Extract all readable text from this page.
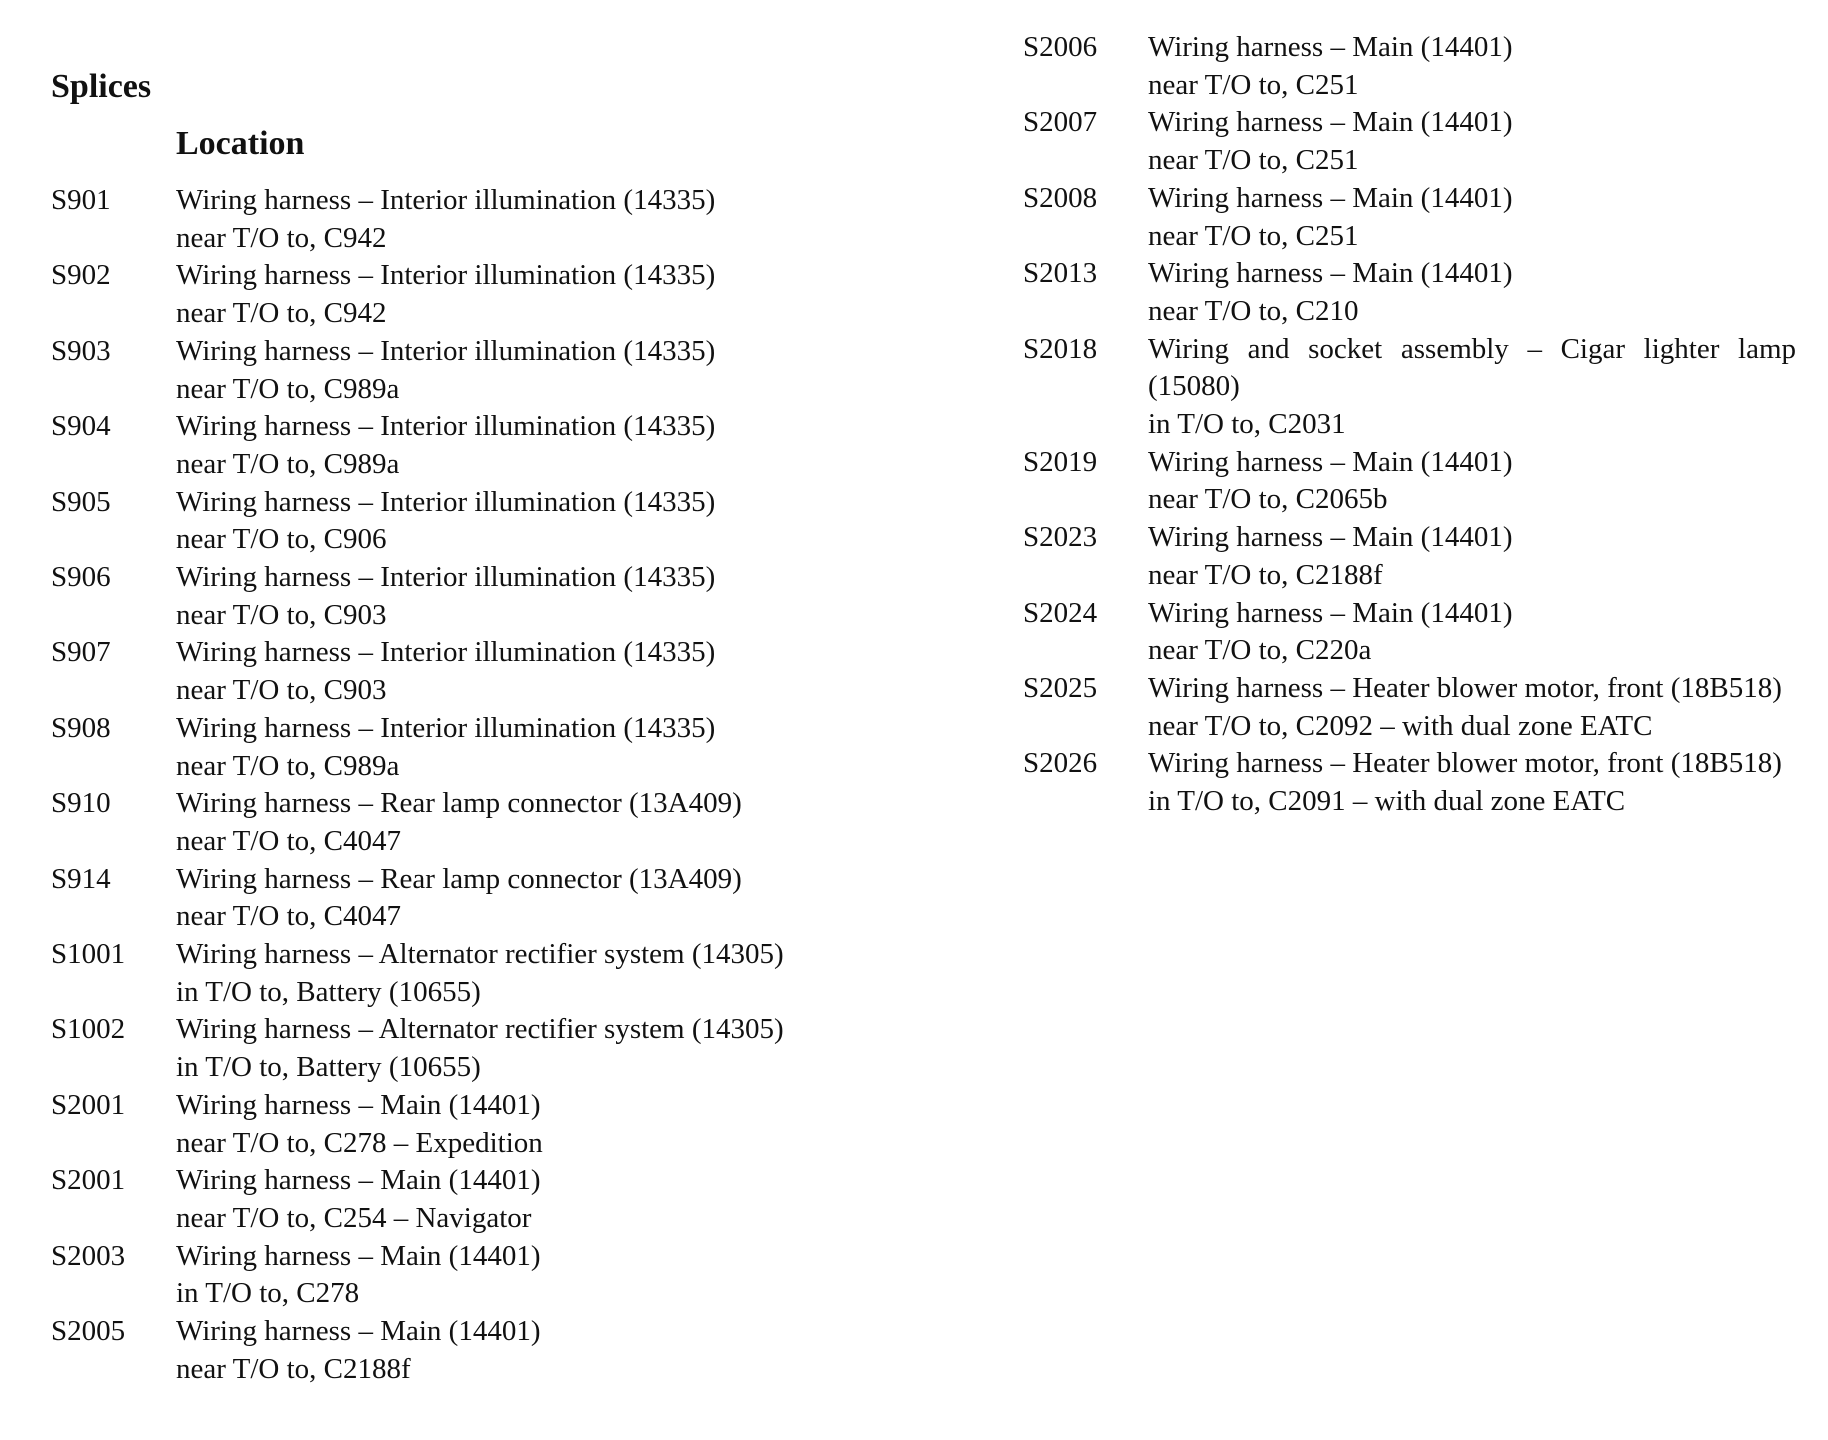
Splices
Location
S901	Wiring harness – Interior illumination (14335)
near T/O to, C942
S902	Wiring harness – Interior illumination (14335)
near T/O to, C942
S903	Wiring harness – Interior illumination (14335)
near T/O to, C989a
S904	Wiring harness – Interior illumination (14335)
near T/O to, C989a
S905	Wiring harness – Interior illumination (14335)
near T/O to, C906
S906	Wiring harness – Interior illumination (14335)
near T/O to, C903
S907	Wiring harness – Interior illumination (14335)
near T/O to, C903
S908	Wiring harness – Interior illumination (14335)
near T/O to, C989a
S910	Wiring harness – Rear lamp connector (13A409)
near T/O to, C4047
S914	Wiring harness – Rear lamp connector (13A409)
near T/O to, C4047
S1001	Wiring harness – Alternator rectifier system (14305)
in T/O to, Battery (10655)
S1002	Wiring harness – Alternator rectifier system (14305)
in T/O to, Battery (10655)
S2001	Wiring harness – Main (14401)
near T/O to, C278 – Expedition
S2001	Wiring harness – Main (14401)
near T/O to, C254 – Navigator
S2003	Wiring harness – Main (14401)
in T/O to, C278
S2005	Wiring harness – Main (14401)
near T/O to, C2188f
S2006	Wiring harness – Main (14401)
near T/O to, C251
S2007	Wiring harness – Main (14401)
near T/O to, C251
S2008	Wiring harness – Main (14401)
near T/O to, C251
S2013	Wiring harness – Main (14401)
near T/O to, C210
S2018	Wiring and socket assembly – Cigar lighter lamp (15080)
in T/O to, C2031
S2019	Wiring harness – Main (14401)
near T/O to, C2065b
S2023	Wiring harness – Main (14401)
near T/O to, C2188f
S2024	Wiring harness – Main (14401)
near T/O to, C220a
S2025	Wiring harness – Heater blower motor, front (18B518)
near T/O to, C2092 – with dual zone EATC
S2026	Wiring harness – Heater blower motor, front (18B518)
in T/O to, C2091 – with dual zone EATC
